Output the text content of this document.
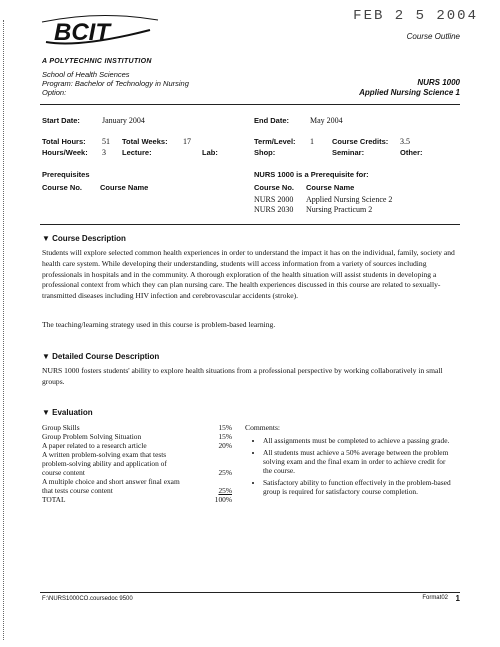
BCIT
FEB 2 5 2004
Course Outline
A POLYTECHNIC INSTITUTION
School of Health Sciences
Program: Bachelor of Technology in Nursing
Option:
NURS 1000
Applied Nursing Science 1
Start Date:	January 2004	End Date:	May 2004
Total Hours: 51 Total Weeks: 17	Term/Level: 1 Course Credits: 3.5
Hours/Week: 3 Lecture:	Lab:	Shop:	Seminar:	Other:
Prerequisites
Course No. Course Name
NURS 1000 is a Prerequisite for:
Course No. Course Name
NURS 2000 Applied Nursing Science 2
NURS 2030 Nursing Practicum 2
▼ Course Description
Students will explore selected common health experiences in order to understand the impact it has on the individual, family, society and health care system. While developing their understanding, students will access information from a variety of sources including professionals in hospitals and in the community. A thorough exploration of the health situation will assist students in developing a professional context from which they can plan nursing care. The health experiences discussed in this course are related to sexually-transmitted diseases including HIV infection and cerebrovascular accidents (stroke).
The teaching/learning strategy used in this course is problem-based learning.
▼ Detailed Course Description
NURS 1000 fosters students' ability to explore health situations from a professional perspective by working collaboratively in small groups.
▼ Evaluation
Group Skills	15%
Group Problem Solving Situation	15%
A paper related to a research article	20%
A written problem-solving exam that tests problem-solving ability and application of course content	25%
A multiple choice and short answer final exam that tests course content	25%
TOTAL	100%
Comments:
• All assignments must be completed to achieve a passing grade.
• All students must achieve a 50% average between the problem solving exam and the final exam in order to achieve credit for the course.
• Satisfactory ability to function effectively in the problem-based group is required for satisfactory course completion.
F:\NURS1000CO.coursedoc 9500	Format02 1
